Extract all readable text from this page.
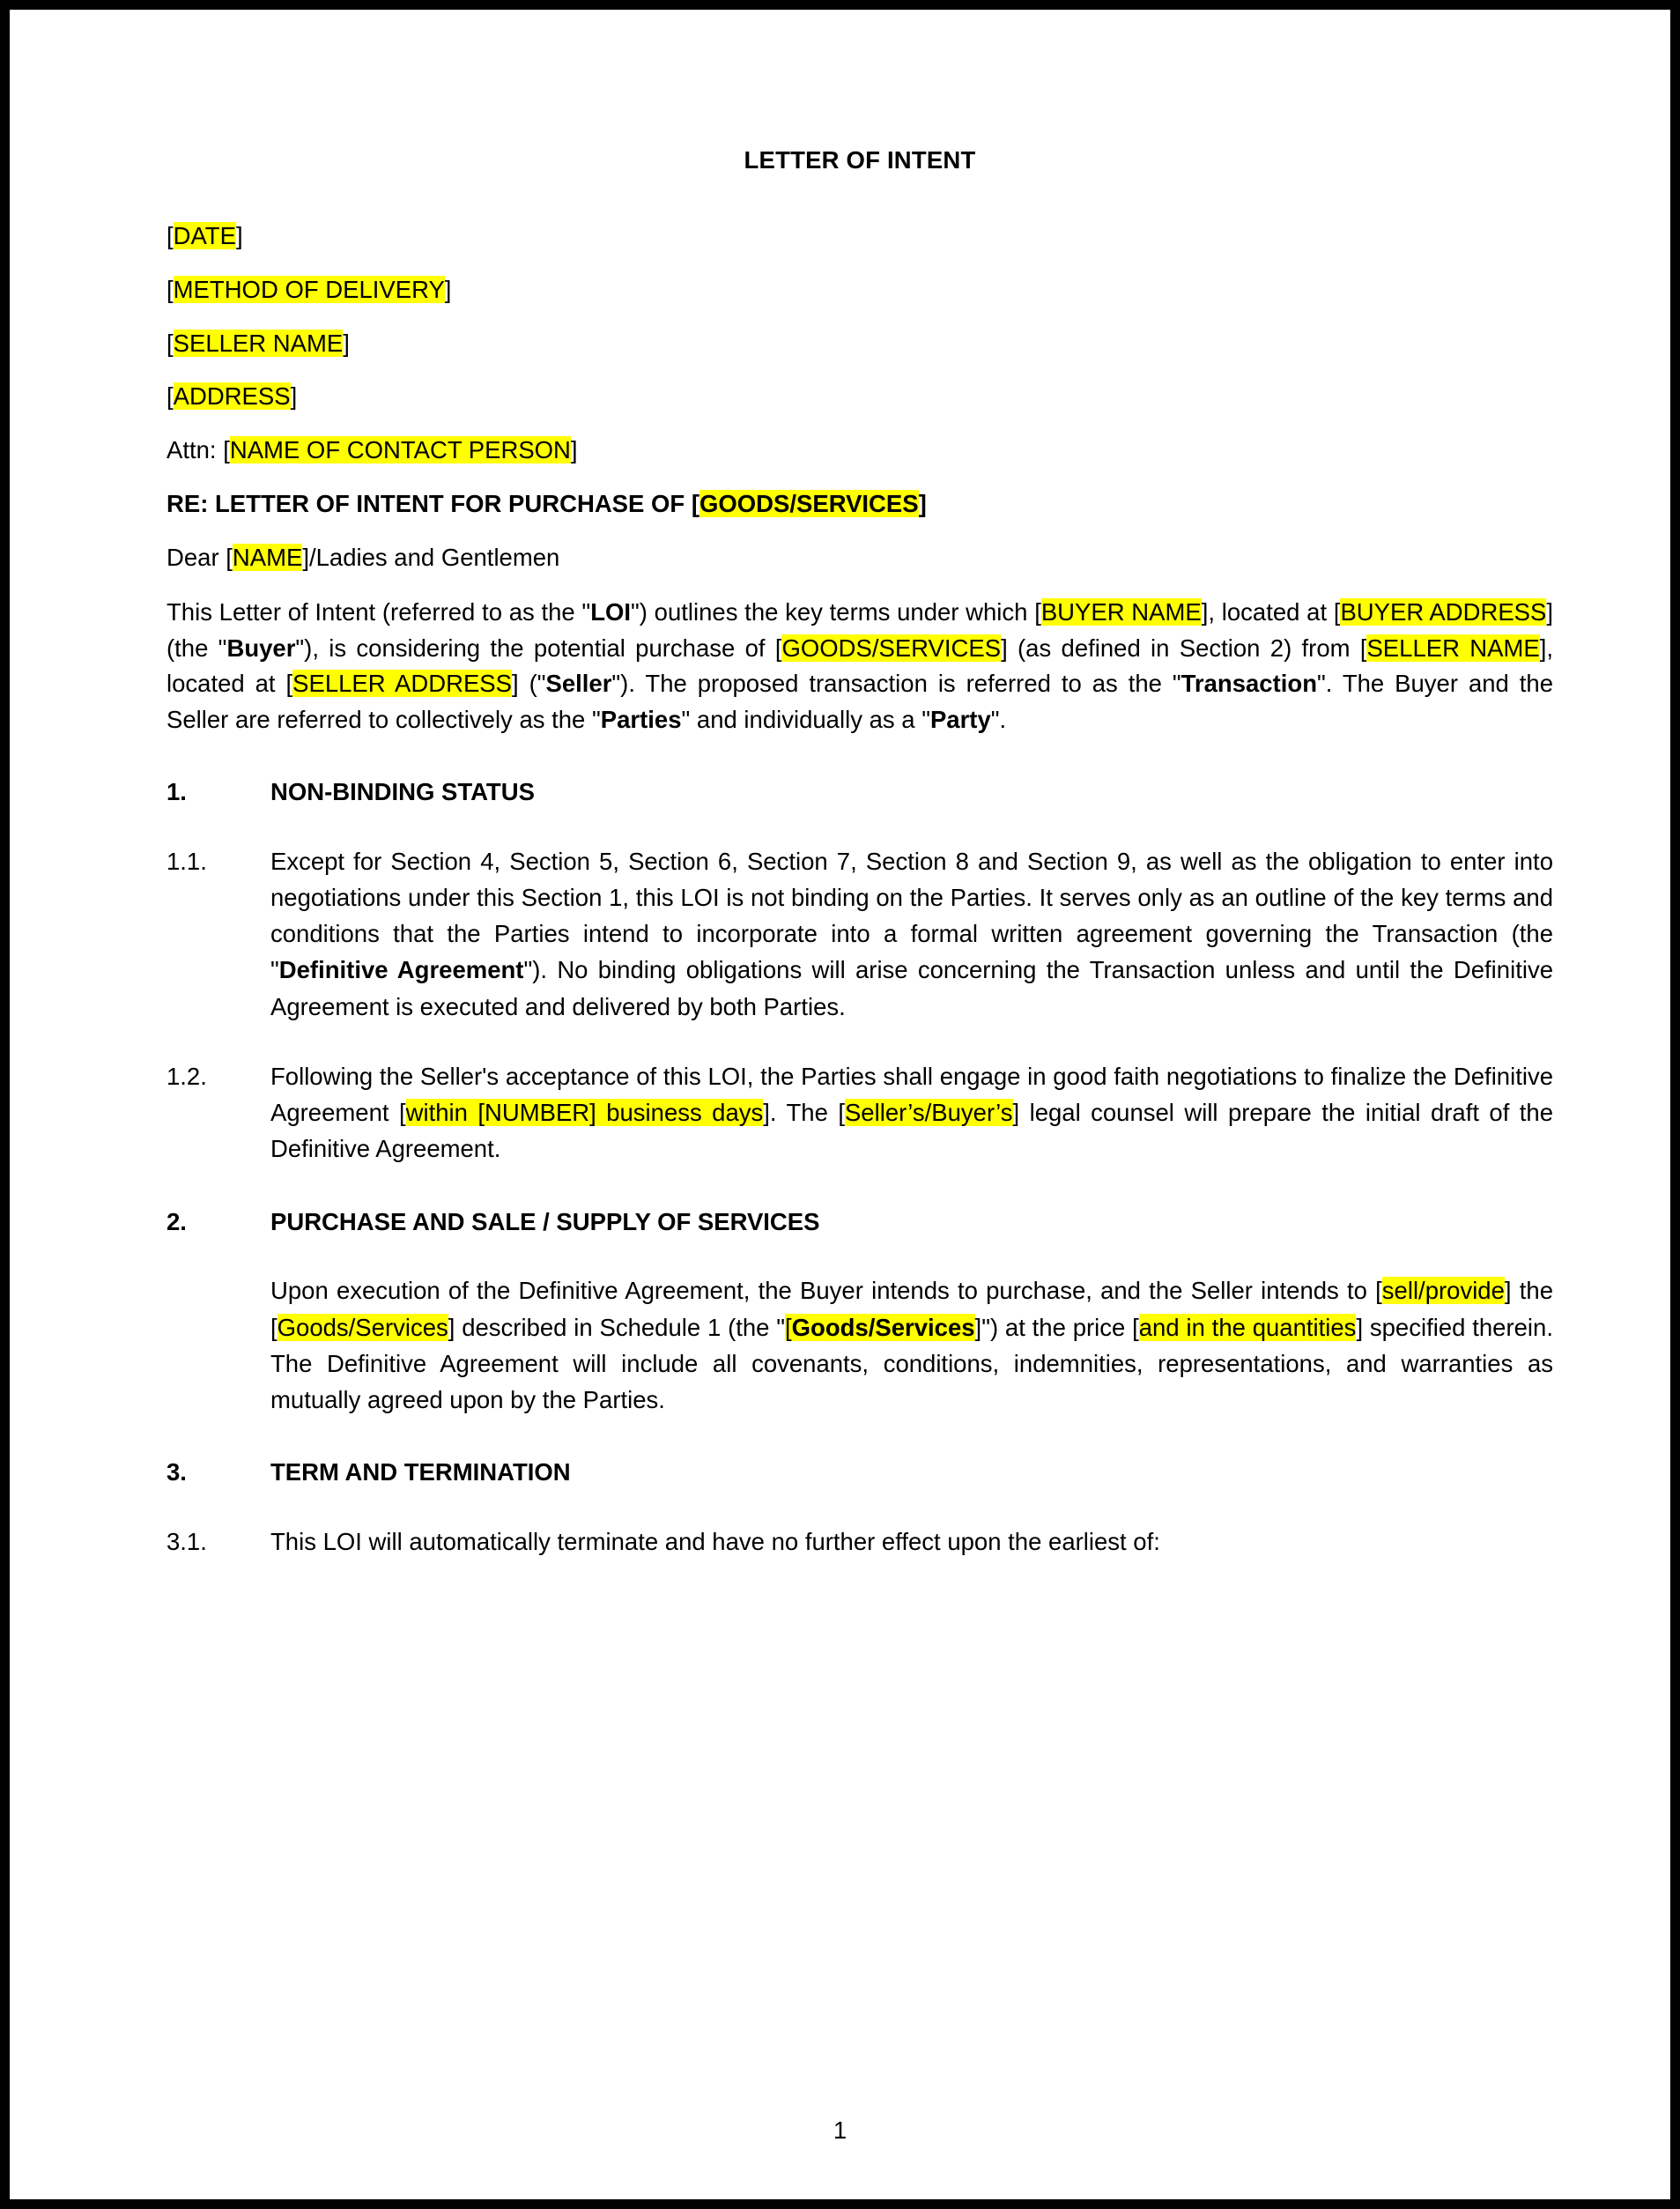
LETTER OF INTENT
[DATE]
[METHOD OF DELIVERY]
[SELLER NAME]
[ADDRESS]
Attn: [NAME OF CONTACT PERSON]
RE: LETTER OF INTENT FOR PURCHASE OF [GOODS/SERVICES]
Dear [NAME]/Ladies and Gentlemen
This Letter of Intent (referred to as the "LOI") outlines the key terms under which [BUYER NAME], located at [BUYER ADDRESS] (the "Buyer"), is considering the potential purchase of [GOODS/SERVICES] (as defined in Section 2) from [SELLER NAME], located at [SELLER ADDRESS] ("Seller"). The proposed transaction is referred to as the "Transaction". The Buyer and the Seller are referred to collectively as the "Parties" and individually as a "Party".
1.	NON-BINDING STATUS
1.1.	Except for Section 4, Section 5, Section 6, Section 7, Section 8 and Section 9, as well as the obligation to enter into negotiations under this Section 1, this LOI is not binding on the Parties. It serves only as an outline of the key terms and conditions that the Parties intend to incorporate into a formal written agreement governing the Transaction (the "Definitive Agreement"). No binding obligations will arise concerning the Transaction unless and until the Definitive Agreement is executed and delivered by both Parties.
1.2.	Following the Seller's acceptance of this LOI, the Parties shall engage in good faith negotiations to finalize the Definitive Agreement [within [NUMBER] business days]. The [Seller’s/Buyer’s] legal counsel will prepare the initial draft of the Definitive Agreement.
2.	PURCHASE AND SALE / SUPPLY OF SERVICES
Upon execution of the Definitive Agreement, the Buyer intends to purchase, and the Seller intends to [sell/provide] the [Goods/Services] described in Schedule 1 (the "[Goods/Services]") at the price [and in the quantities] specified therein. The Definitive Agreement will include all covenants, conditions, indemnities, representations, and warranties as mutually agreed upon by the Parties.
3.	TERM AND TERMINATION
3.1.	This LOI will automatically terminate and have no further effect upon the earliest of:
1
